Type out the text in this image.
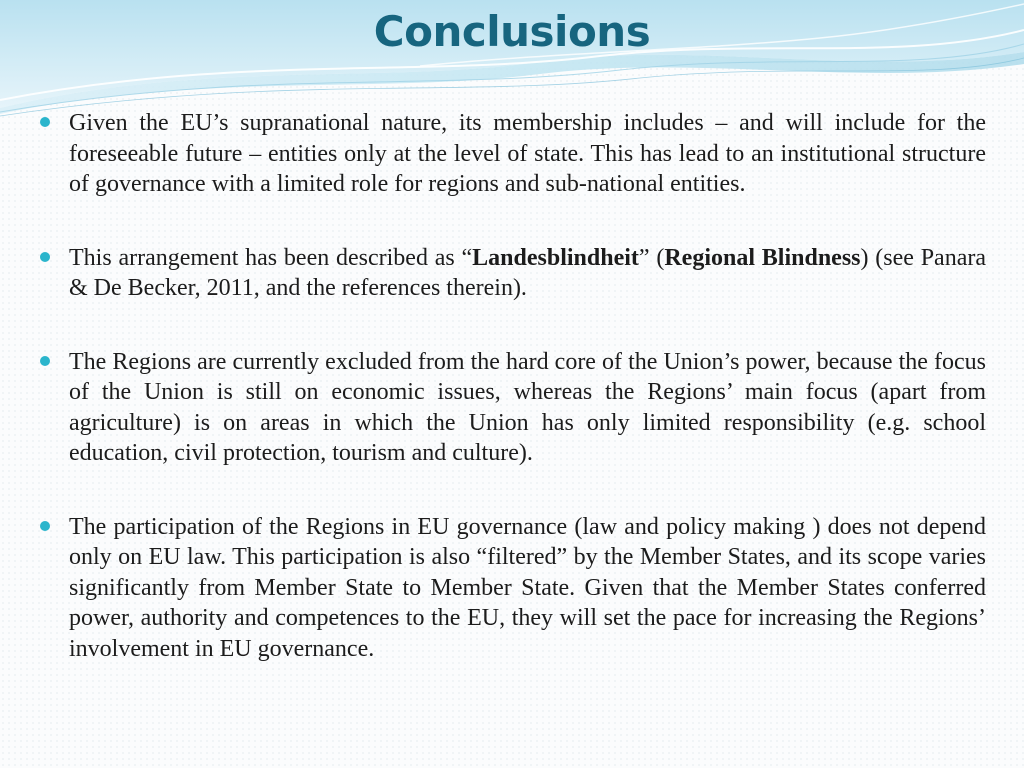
Conclusions

Given the EU’s supranational nature, its membership includes – and will include for the foreseeable future – entities only at the level of state. This has lead to an institutional structure of governance with a limited role for regions and sub-national entities.

This arrangement has been described as “Landesblindheit” (Regional Blindness) (see Panara & De Becker, 2011, and the references therein).

The Regions are currently excluded from the hard core of the Union’s power, because the focus of the Union is still on economic issues, whereas the Regions’ main focus (apart from agriculture) is on areas in which the Union has only limited responsibility (e.g. school education, civil protection, tourism and culture).

The participation of the Regions in EU governance (law and policy making ) does not depend only on EU law. This participation is also “filtered” by the Member States, and its scope varies significantly from Member State to Member State. Given that the Member States conferred power, authority and competences to the EU, they will set the pace for increasing the Regions’ involvement in EU governance.
